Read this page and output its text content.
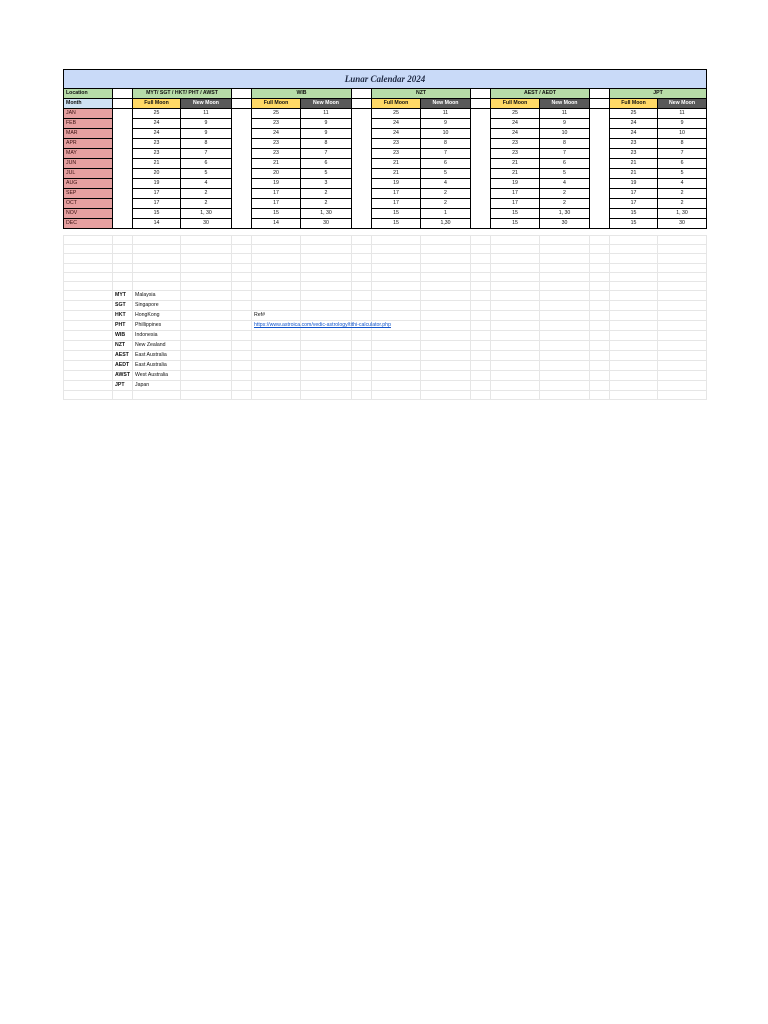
Lunar Calendar 2024															
Location		MYT/ SGT / HKT/ PHT / AWST			WIB			NZT			AEST / AEDT			JPT	
Month		Full Moon	New Moon		Full Moon	New Moon		Full Moon	New Moon		Full Moon	New Moon		Full Moon	New Moon
JAN		25	11		25	11		25	11		25	11		25	11
FEB		24	9		23	9		24	9		24	9		24	9
MAR		24	9		24	9		24	10		24	10		24	10
APR		23	8		23	8		23	8		23	8		23	8
MAY		23	7		23	7		23	7		23	7		23	7
JUN		21	6		21	6		21	6		21	6		21	6
JUL		20	5		20	5		21	5		21	5		21	5
AUG		19	4		19	3		19	4		19	4		19	4
SEP		17	2		17	2		17	2		17	2		17	2
OCT		17	2		17	2		17	2		17	2		17	2
NOV		15	1, 30		15	1, 30		15	1		15	1, 30		15	1, 30
DEC		14	30		14	30		15	1,30		15	30		15	30

	MYT	Malaysia													
	SGT	Singapore													
	HKT	HongKong			Ref#										
	PHT	Phillippines			https://www.astroica.com/vedic-astrology/tithi-calculator.php										
	WIB	Indonesia													
	NZT	New Zealand													
	AEST	East Australia													
	AEDT	East Australia													
	AWST	West Australia													
	JPT	Japan													
